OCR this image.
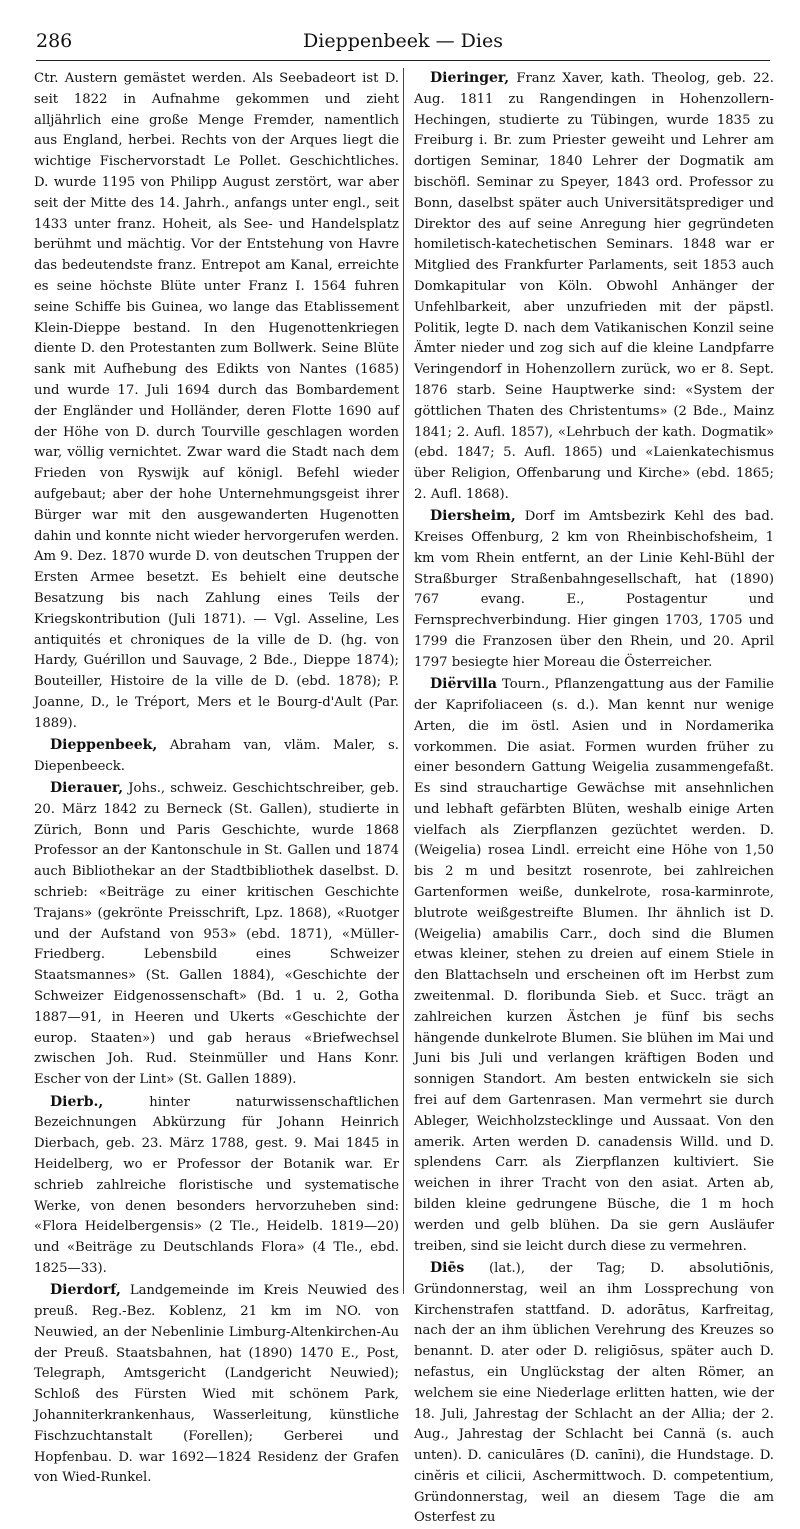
286	Dieppenbeek — Dies

Ctr. Austern gemästet werden. Als Seebadeort ist D. seit 1822 in Aufnahme gekommen und zieht alljährlich eine große Menge Fremder, namentlich aus England, herbei. Rechts von der Arques liegt die wichtige Fischervorstadt Le Pollet. Geschichtliches. D. wurde 1195 von Philipp August zerstört, war aber seit der Mitte des 14. Jahrh., anfangs unter engl., seit 1433 unter franz. Hoheit, als See- und Handelsplatz berühmt und mächtig. Vor der Entstehung von Havre das bedeutendste franz. Entrepot am Kanal, erreichte es seine höchste Blüte unter Franz I. 1564 fuhren seine Schiffe bis Guinea, wo lange das Etablissement Klein-Dieppe bestand. In den Hugenottenkriegen diente D. den Protestanten zum Bollwerk. Seine Blüte sank mit Aufhebung des Edikts von Nantes (1685) und wurde 17. Juli 1694 durch das Bombardement der Engländer und Holländer, deren Flotte 1690 auf der Höhe von D. durch Tourville geschlagen worden war, völlig vernichtet. Zwar ward die Stadt nach dem Frieden von Ryswijk auf königl. Befehl wieder aufgebaut; aber der hohe Unternehmungsgeist ihrer Bürger war mit den ausgewanderten Hugenotten dahin und konnte nicht wieder hervorgerufen werden. Am 9. Dez. 1870 wurde D. von deutschen Truppen der Ersten Armee besetzt. Es behielt eine deutsche Besatzung bis nach Zahlung eines Teils der Kriegskontribution (Juli 1871). — Vgl. Asseline, Les antiquités et chroniques de la ville de D. (hg. von Hardy, Guérillon und Sauvage, 2 Bde., Dieppe 1874); Bouteiller, Histoire de la ville de D. (ebd. 1878); P. Joanne, D., le Tréport, Mers et le Bourg-d'Ault (Par. 1889).

Dieppenbeek, Abraham van, vläm. Maler, s. Diepenbeeck.

Dierauer, Johs., schweiz. Geschichtschreiber, geb. 20. März 1842 zu Berneck (St. Gallen), studierte in Zürich, Bonn und Paris Geschichte, wurde 1868 Professor an der Kantonschule in St. Gallen und 1874 auch Bibliothekar an der Stadtbibliothek daselbst. D. schrieb: «Beiträge zu einer kritischen Geschichte Trajans» (gekrönte Preisschrift, Lpz. 1868), «Ruotger und der Aufstand von 953» (ebd. 1871), «Müller-Friedberg. Lebensbild eines Schweizer Staatsmannes» (St. Gallen 1884), «Geschichte der Schweizer Eidgenossenschaft» (Bd. 1 u. 2, Gotha 1887—91, in Heeren und Ukerts «Geschichte der europ. Staaten») und gab heraus «Briefwechsel zwischen Joh. Rud. Steinmüller und Hans Konr. Escher von der Lint» (St. Gallen 1889).

Dierb.,	hinter naturwissenschaftlichen Bezeichnungen Abkürzung für Johann Heinrich Dierbach, geb. 23. März 1788, gest. 9. Mai 1845 in Heidelberg, wo er Professor der Botanik war. Er schrieb zahlreiche floristische und systematische Werke, von denen besonders hervorzuheben sind: «Flora Heidelbergensis» (2 Tle., Heidelb. 1819—20) und «Beiträge zu Deutschlands Flora» (4 Tle., ebd. 1825—33).

Dierdorf, Landgemeinde im Kreis Neuwied des preuß. Reg.-Bez. Koblenz, 21 km im NO. von Neuwied, an der Nebenlinie Limburg-Altenkirchen-Au der Preuß. Staatsbahnen, hat (1890) 1470 E., Post, Telegraph, Amtsgericht (Landgericht Neuwied); Schloß des Fürsten Wied mit schönem Park, Johanniterkrankenhaus, Wasserleitung, künstliche Fischzuchtanstalt (Forellen); Gerberei und Hopfenbau. D. war 1692—1824 Residenz der Grafen von Wied-Runkel.

Dieringer, Franz Xaver, kath. Theolog, geb. 22. Aug. 1811 zu Rangendingen in Hohenzollern-Hechingen, studierte zu Tübingen, wurde 1835 zu Freiburg i. Br. zum Priester geweiht und Lehrer am dortigen Seminar, 1840 Lehrer der Dogmatik am bischöfl. Seminar zu Speyer, 1843 ord. Professor zu Bonn, daselbst später auch Universitätsprediger und Direktor des auf seine Anregung hier gegründeten homiletisch-katechetischen Seminars. 1848 war er Mitglied des Frankfurter Parlaments, seit 1853 auch Domkapitular von Köln. Obwohl Anhänger der Unfehlbarkeit, aber unzufrieden mit der päpstl. Politik, legte D. nach dem Vatikanischen Konzil seine Ämter nieder und zog sich auf die kleine Landpfarre Veringendorf in Hohenzollern zurück, wo er 8. Sept. 1876 starb. Seine Hauptwerke sind: «System der göttlichen Thaten des Christentums» (2 Bde., Mainz 1841; 2. Aufl. 1857), «Lehrbuch der kath. Dogmatik» (ebd. 1847; 5. Aufl. 1865) und «Laienkatechismus über Religion, Offenbarung und Kirche» (ebd. 1865; 2. Aufl. 1868).

Diersheim, Dorf im Amtsbezirk Kehl des bad. Kreises Offenburg, 2 km von Rheinbischofsheim, 1 km vom Rhein entfernt, an der Linie Kehl-Bühl der Straßburger Straßenbahngesellschaft, hat (1890) 767 evang. E., Postagentur und Fernsprechverbindung. Hier gingen 1703, 1705 und 1799 die Franzosen über den Rhein, und 20. April 1797 besiegte hier Moreau die Österreicher.

Diërvilla Tourn., Pflanzengattung aus der Familie der Kaprifoliaceen (s. d.). Man kennt nur wenige Arten, die im östl. Asien und in Nordamerika vorkommen. Die asiat. Formen wurden früher zu einer besondern Gattung Weigelia zusammengefaßt. Es sind strauchartige Gewächse mit ansehnlichen und lebhaft gefärbten Blüten, weshalb einige Arten vielfach als Zierpflanzen gezüchtet werden. D. (Weigelia) rosea Lindl. erreicht eine Höhe von 1,50 bis 2 m und besitzt rosenrote, bei zahlreichen Gartenformen weiße, dunkelrote, rosa-karminrote, blutrote weißgestreifte Blumen. Ihr ähnlich ist D. (Weigelia) amabilis Carr., doch sind die Blumen etwas kleiner, stehen zu dreien auf einem Stiele in den Blattachseln und erscheinen oft im Herbst zum zweitenmal. D. floribunda Sieb. et Succ. trägt an zahlreichen kurzen Ästchen je fünf bis sechs hängende dunkelrote Blumen. Sie blühen im Mai und Juni bis Juli und verlangen kräftigen Boden und sonnigen Standort. Am besten entwickeln sie sich frei auf dem Gartenrasen. Man vermehrt sie durch Ableger, Weichholzstecklinge und Aussaat. Von den amerik. Arten werden D. canadensis Willd. und D. splendens Carr. als Zierpflanzen kultiviert. Sie weichen in ihrer Tracht von den asiat. Arten ab, bilden kleine gedrungene Büsche, die 1 m hoch werden und gelb blühen. Da sie gern Ausläufer treiben, sind sie leicht durch diese zu vermehren.

Diēs (lat.), der Tag; D. absolutiōnis, Gründonnerstag, weil an ihm Lossprechung von Kirchenstrafen stattfand. D. adorātus, Karfreitag, nach der an ihm üblichen Verehrung des Kreuzes so benannt. D. ater oder D. religiōsus, später auch D. nefastus, ein Unglückstag der alten Römer, an welchem sie eine Niederlage erlitten hatten, wie der 18. Juli, Jahrestag der Schlacht an der Allia; der 2. Aug., Jahrestag der Schlacht bei Cannä (s. auch unten). D. caniculāres (D. canīni), die Hundstage. D. cinĕris et cilicii, Aschermittwoch. D. competentium, Gründonnerstag, weil an diesem Tage die am Osterfest zu
